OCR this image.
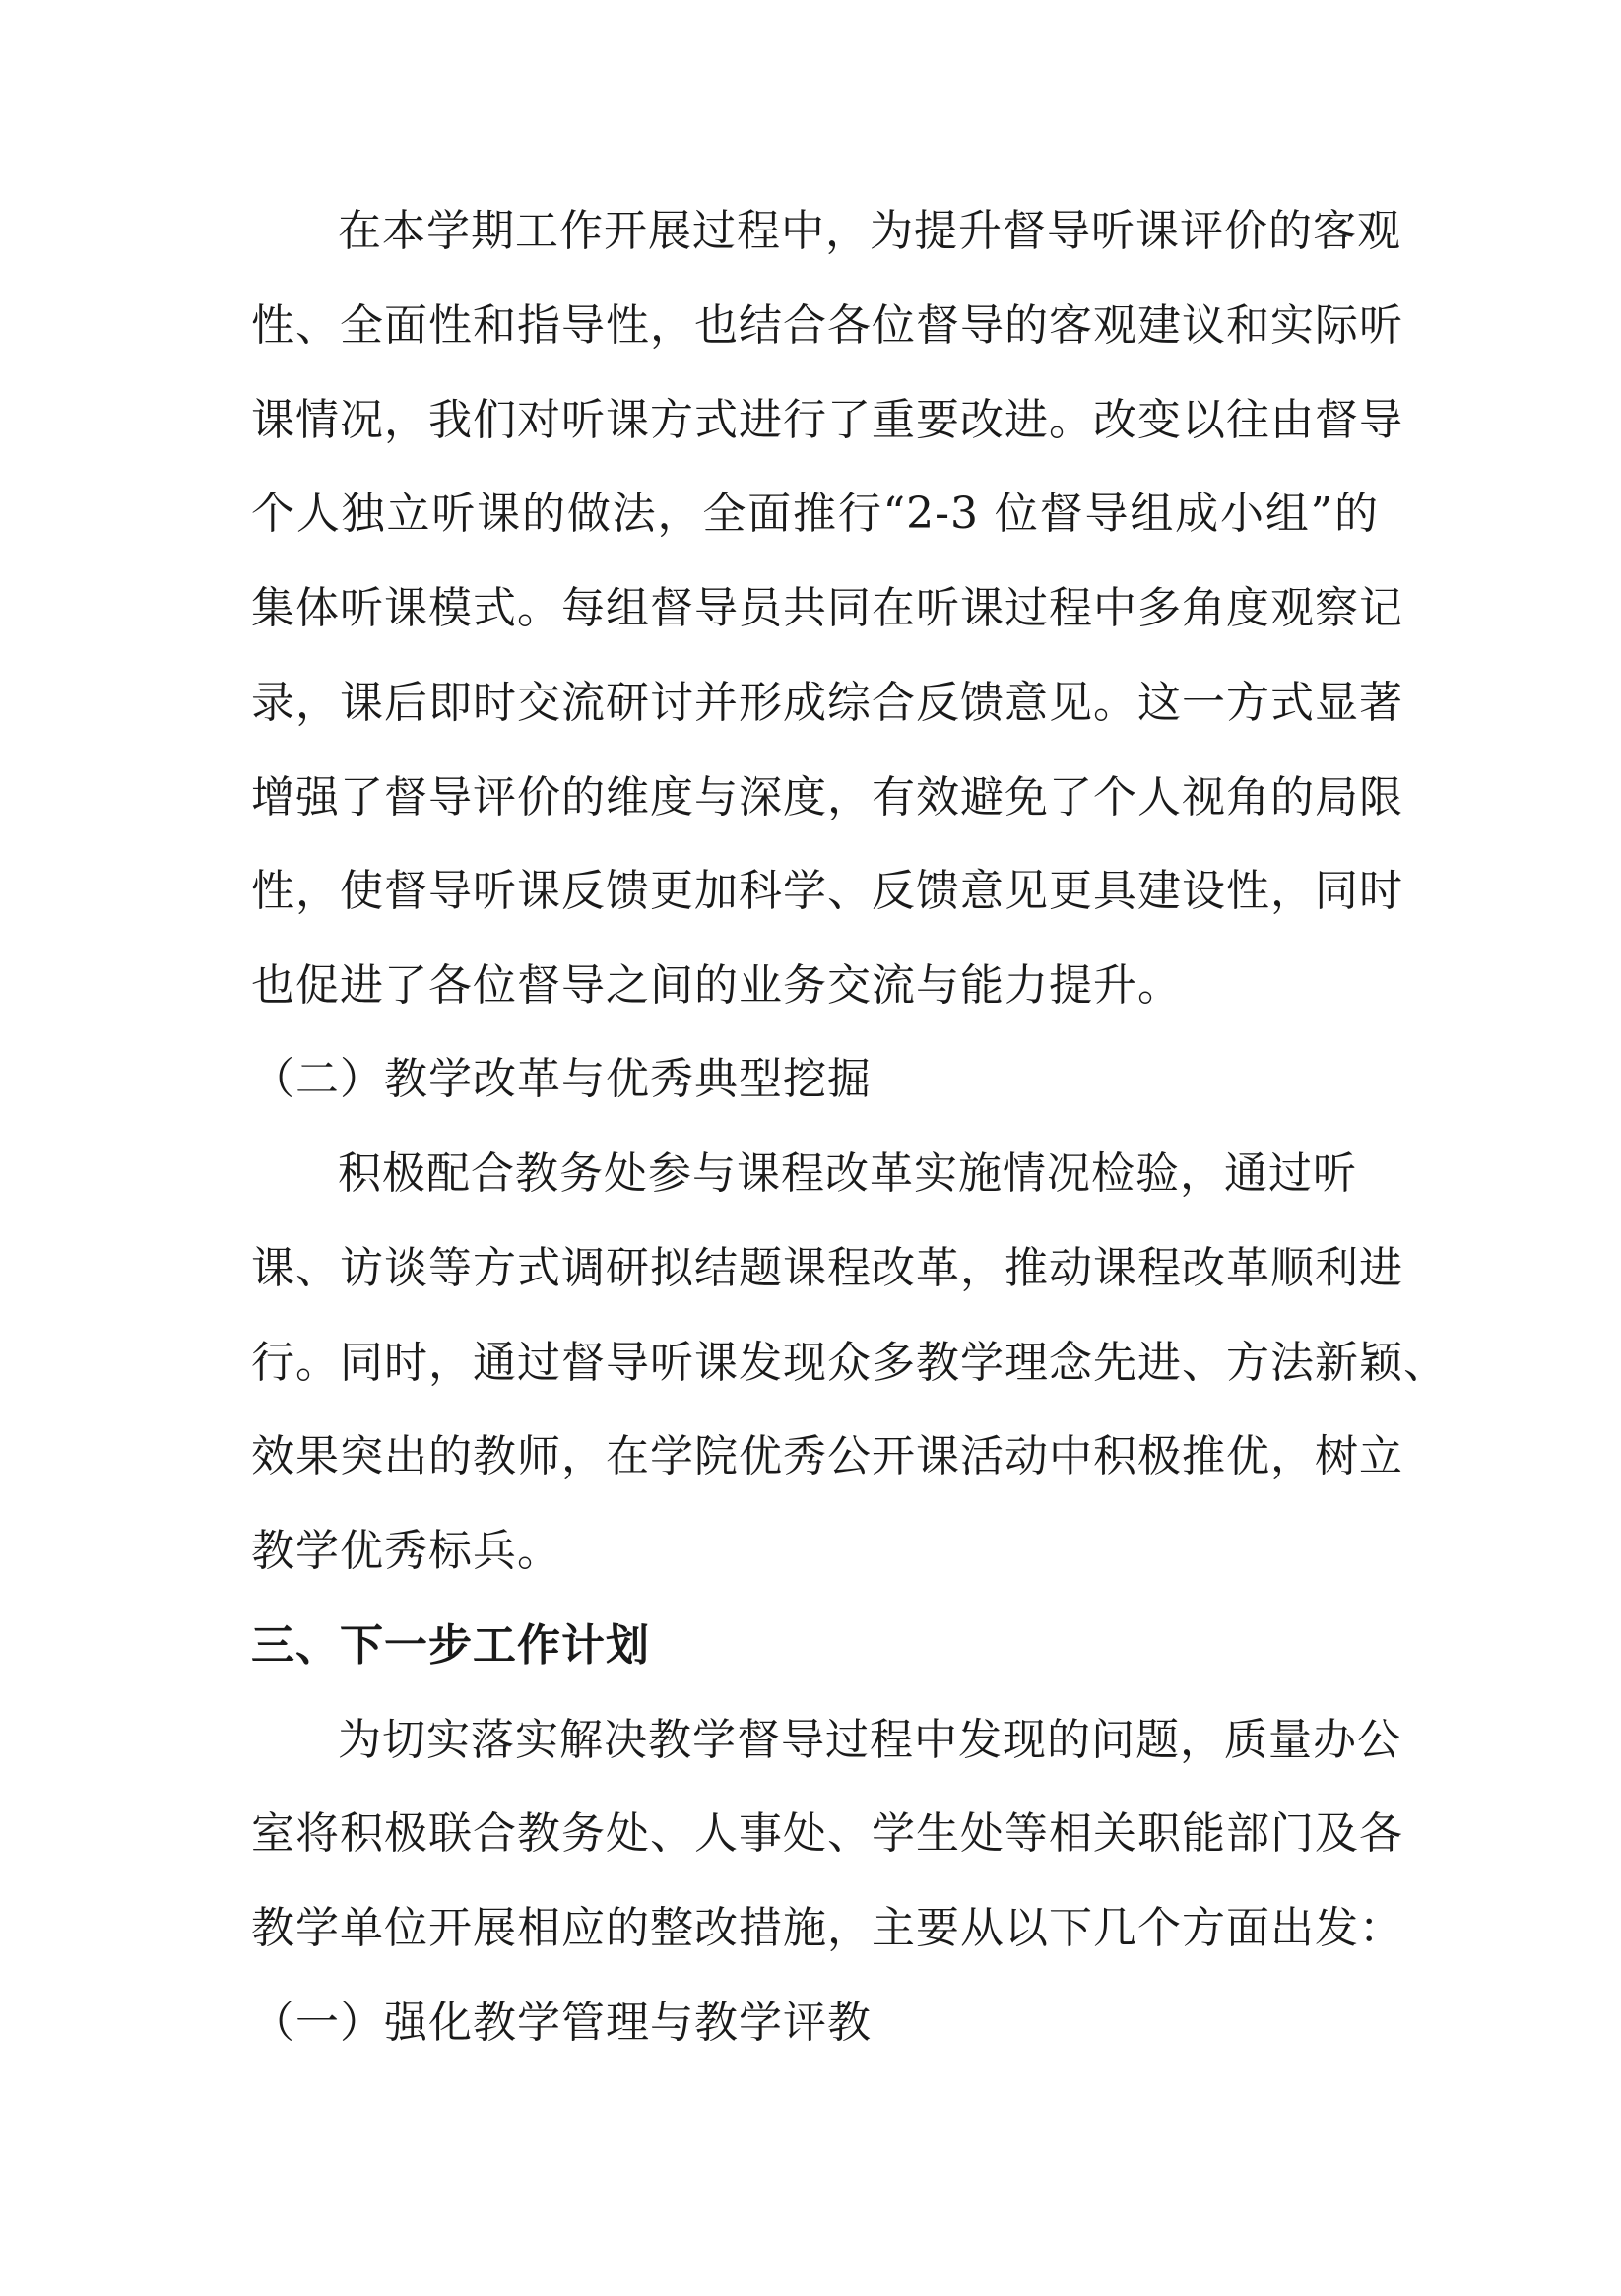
在本学期工作开展过程中，为提升督导听课评价的客观
性、全面性和指导性，也结合各位督导的客观建议和实际听
课情况，我们对听课方式进行了重要改进。改变以往由督导
个人独立听课的做法，全面推行“2-3 位督导组成小组”的
集体听课模式。每组督导员共同在听课过程中多角度观察记
录，课后即时交流研讨并形成综合反馈意见。这一方式显著
增强了督导评价的维度与深度，有效避免了个人视角的局限
性，使督导听课反馈更加科学、反馈意见更具建设性，同时
也促进了各位督导之间的业务交流与能力提升。
（二）教学改革与优秀典型挖掘
积极配合教务处参与课程改革实施情况检验，通过听
课、访谈等方式调研拟结题课程改革，推动课程改革顺利进
行。同时，通过督导听课发现众多教学理念先进、方法新颖、
效果突出的教师，在学院优秀公开课活动中积极推优，树立
教学优秀标兵。
三、下一步工作计划
为切实落实解决教学督导过程中发现的问题，质量办公
室将积极联合教务处、人事处、学生处等相关职能部门及各
教学单位开展相应的整改措施，主要从以下几个方面出发：
（一）强化教学管理与教学评教
